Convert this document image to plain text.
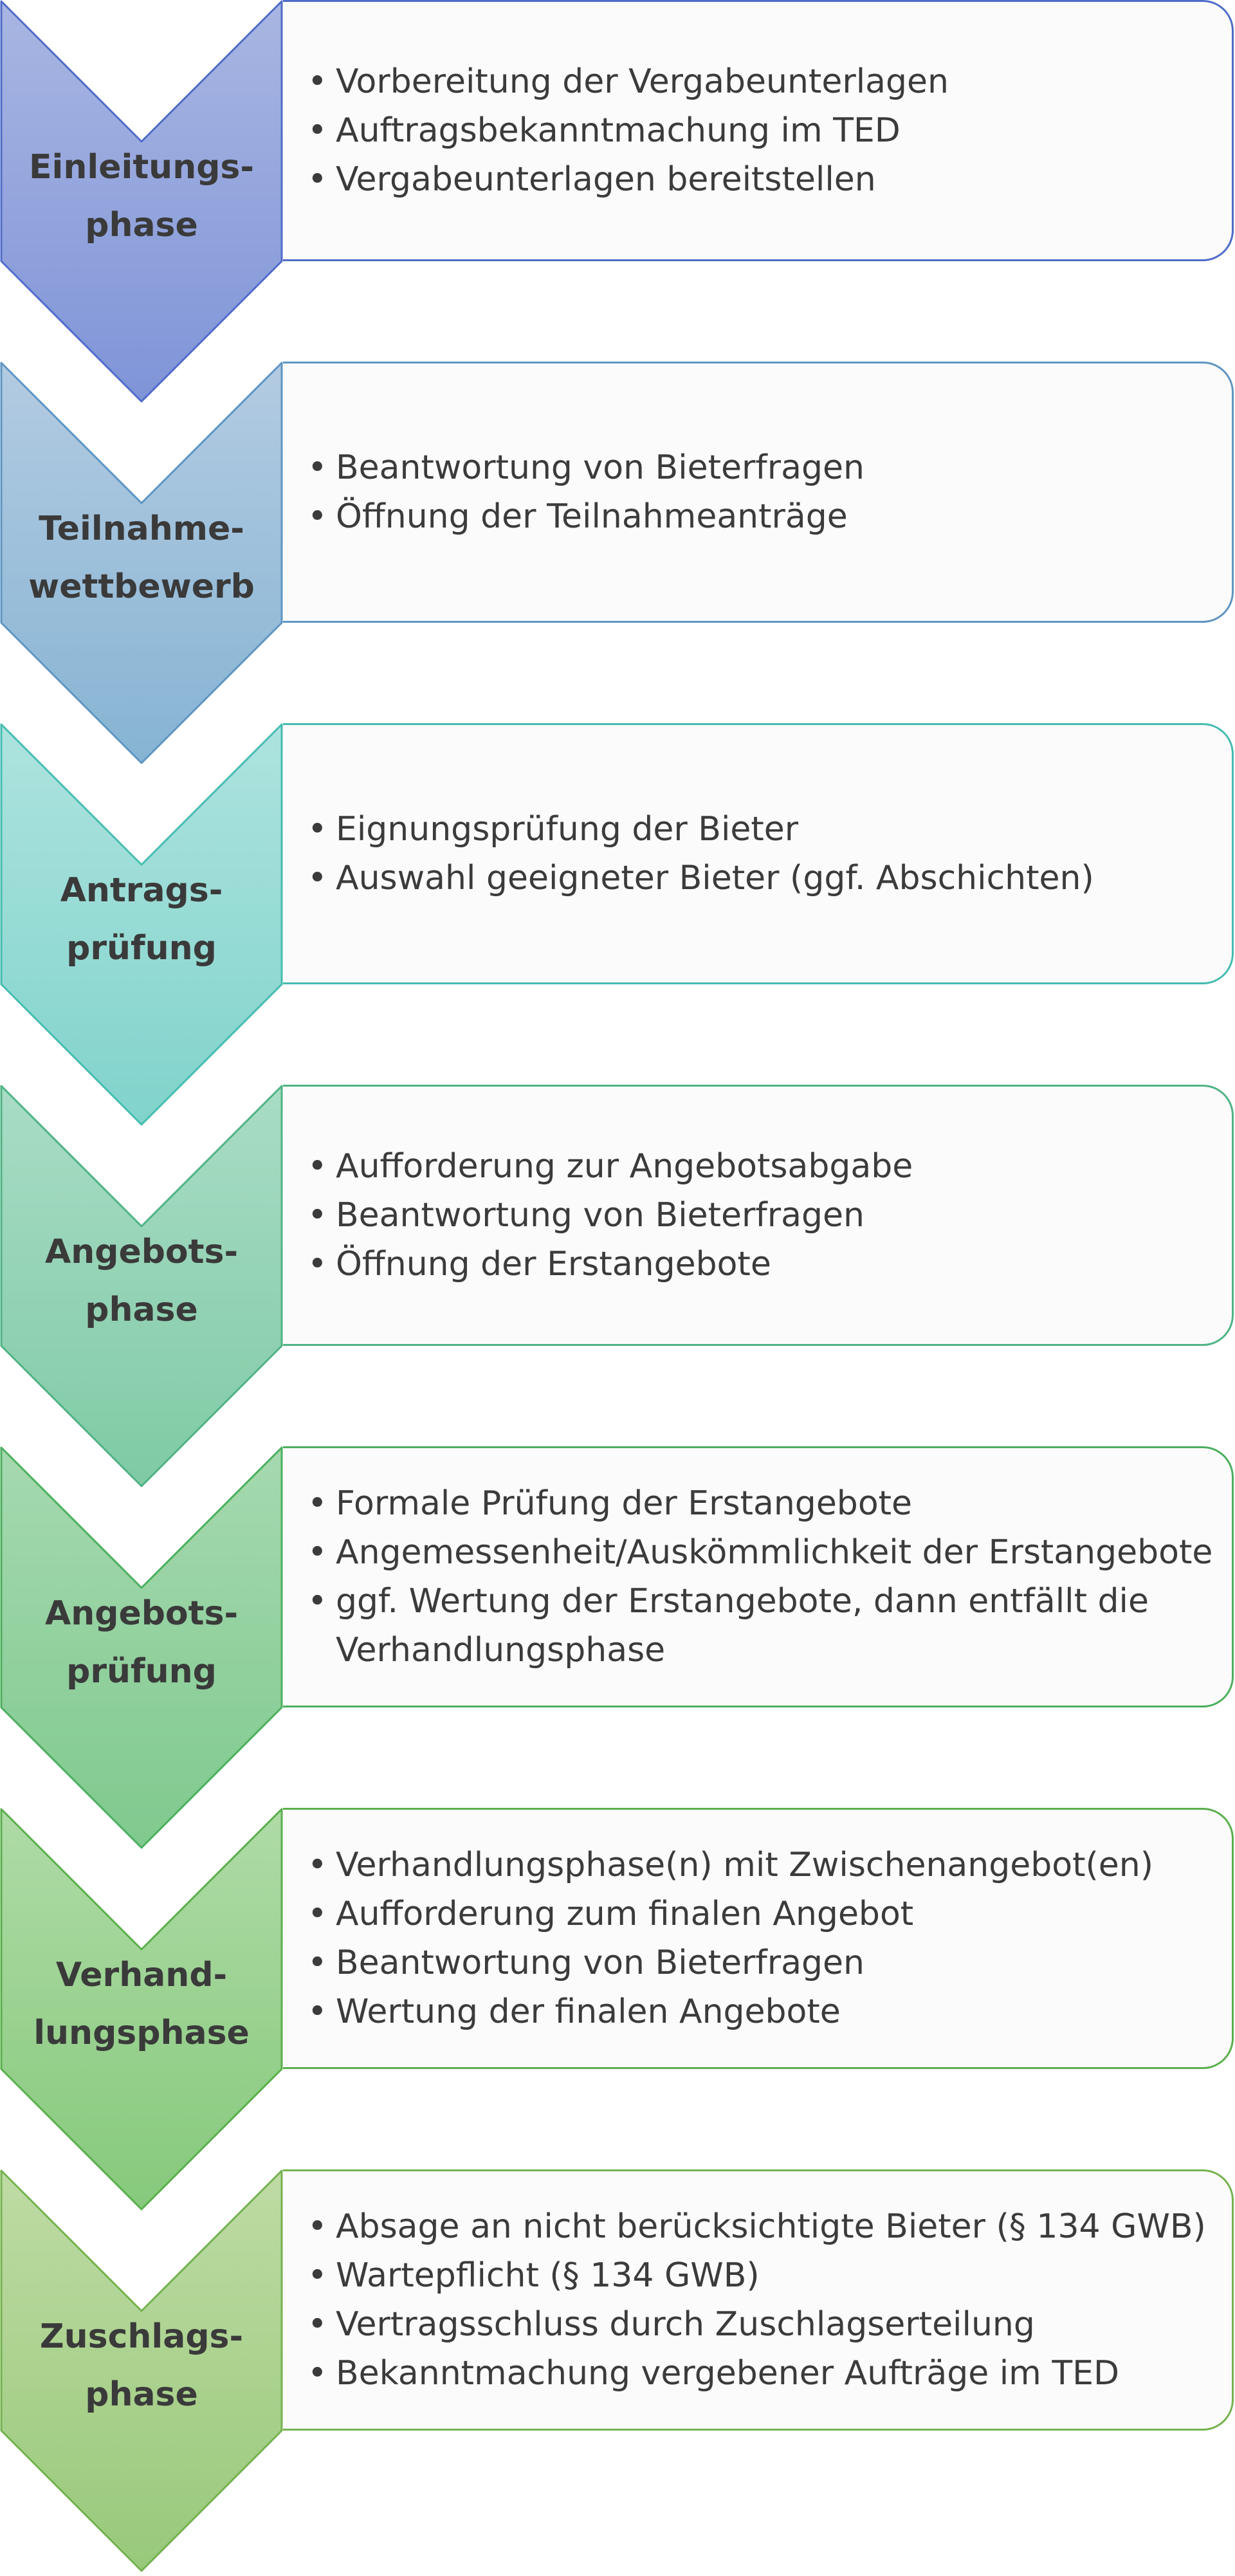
Einleitungs-
phase
• Vorbereitung der Vergabeunterlagen
• Auftragsbekanntmachung im TED
• Vergabeunterlagen bereitstellen
Teilnahme-
wettbewerb
• Beantwortung von Bieterfragen
• Öffnung der Teilnahmeanträge
Antrags-
prüfung
• Eignungsprüfung der Bieter
• Auswahl geeigneter Bieter (ggf. Abschichten)
Angebots-
phase
• Aufforderung zur Angebotsabgabe
• Beantwortung von Bieterfragen
• Öffnung der Erstangebote
Angebots-
prüfung
• Formale Prüfung der Erstangebote
• Angemessenheit/Auskömmlichkeit der Erstangebote
• ggf. Wertung der Erstangebote, dann entfällt die Verhandlungsphase
Verhand-
lungsphase
• Verhandlungsphase(n) mit Zwischenangebot(en)
• Aufforderung zum finalen Angebot
• Beantwortung von Bieterfragen
• Wertung der finalen Angebote
Zuschlags-
phase
• Absage an nicht berücksichtigte Bieter (§ 134 GWB)
• Wartepflicht (§ 134 GWB)
• Vertragsschluss durch Zuschlagserteilung
• Bekanntmachung vergebener Aufträge im TED
